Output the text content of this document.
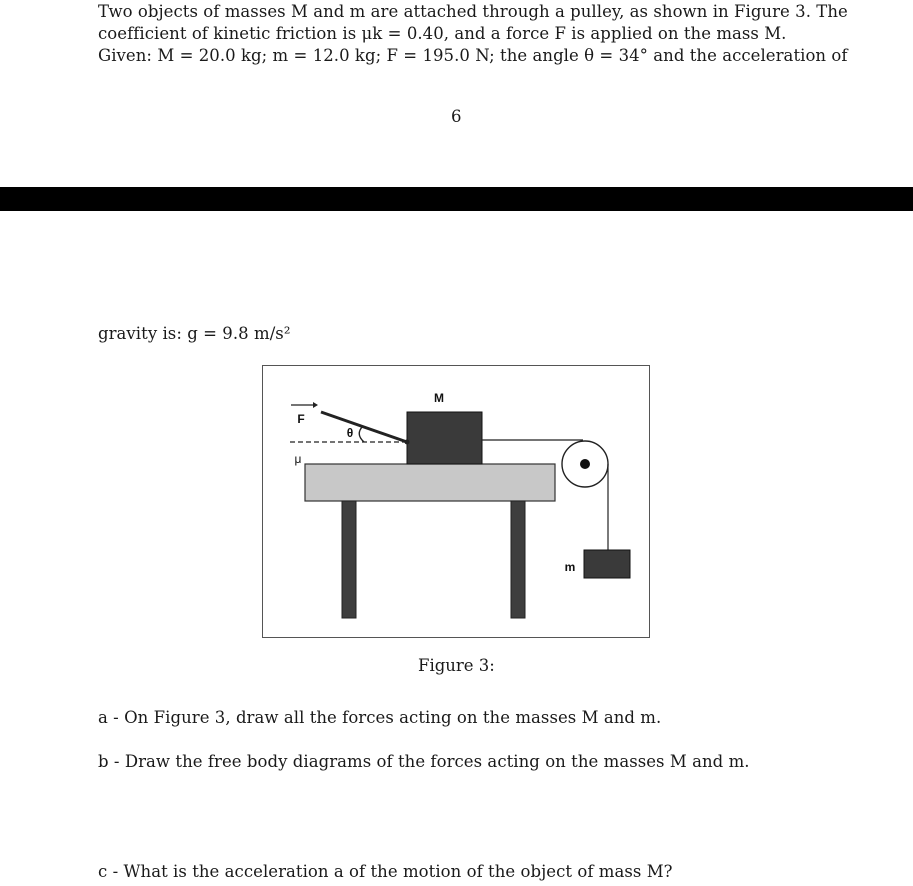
Two objects of masses M and m are attached through a pulley, as shown in Figure 3. The
coefficient of kinetic friction is μk = 0.40, and a force F is applied on the mass M.
Given: M = 20.0 kg; m = 12.0 kg; F = 195.0 N; the angle θ = 34° and the acceleration of
6
gravity is: g = 9.8 m/s²
M
F
θ
μ
m
Figure 3:
a - On Figure 3, draw all the forces acting on the masses M and m.
b - Draw the free body diagrams of the forces acting on the masses M and m.
c - What is the acceleration a of the motion of the object of mass M?
